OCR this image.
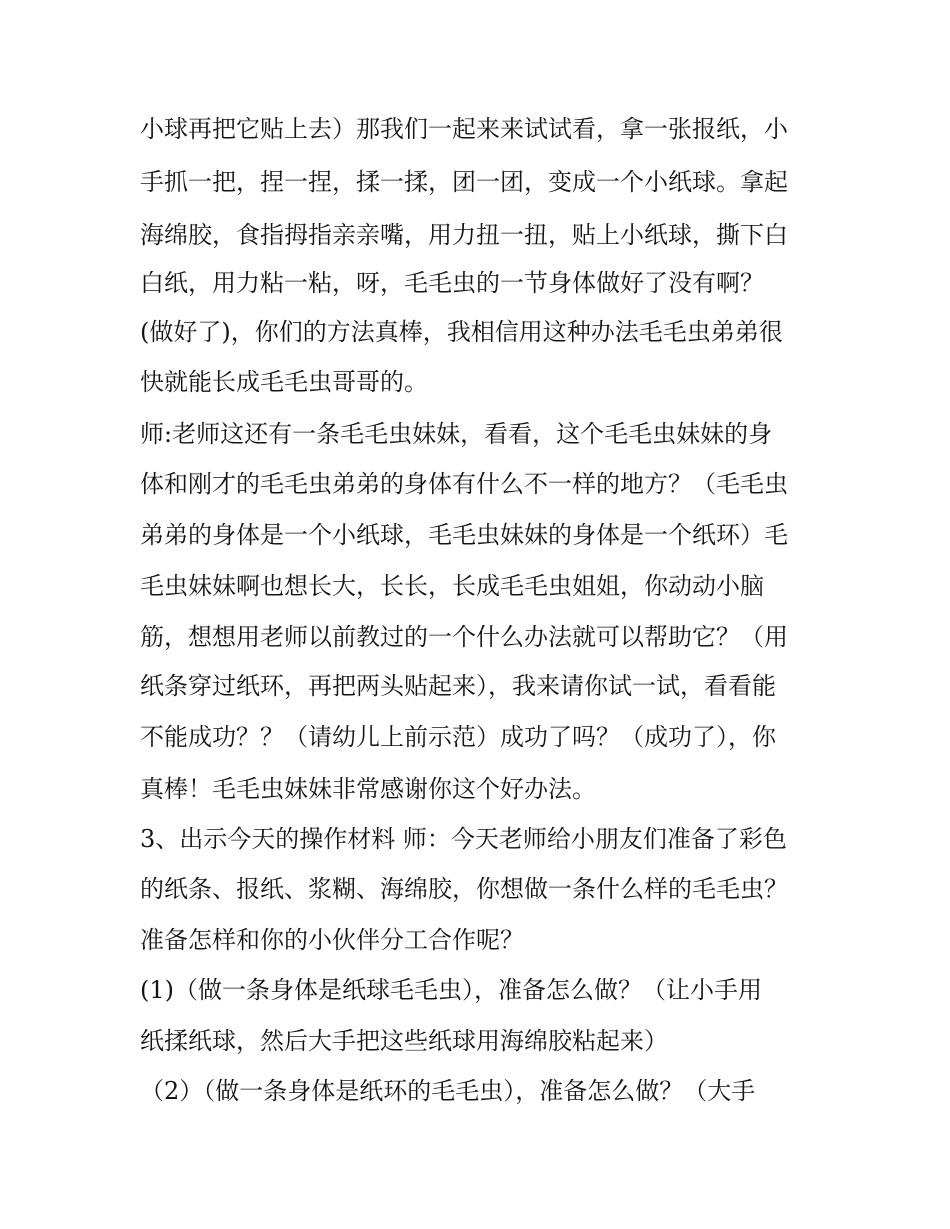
小球再把它贴上去）那我们一起来来试试看，拿一张报纸，小
手抓一把，捏一捏，揉一揉，团一团，变成一个小纸球。拿起
海绵胶，食指拇指亲亲嘴，用力扭一扭，贴上小纸球，撕下白
白纸，用力粘一粘，呀，毛毛虫的一节身体做好了没有啊？
(做好了)，你们的方法真棒，我相信用这种办法毛毛虫弟弟很
快就能长成毛毛虫哥哥的。
师:老师这还有一条毛毛虫妹妹，看看，这个毛毛虫妹妹的身
体和刚才的毛毛虫弟弟的身体有什么不一样的地方？（毛毛虫
弟弟的身体是一个小纸球，毛毛虫妹妹的身体是一个纸环）毛
毛虫妹妹啊也想长大，长长，长成毛毛虫姐姐，你动动小脑
筋，想想用老师以前教过的一个什么办法就可以帮助它？（用
纸条穿过纸环，再把两头贴起来），我来请你试一试，看看能
不能成功？？（请幼儿上前示范）成功了吗？（成功了），你
真棒！毛毛虫妹妹非常感谢你这个好办法。
3、出示今天的操作材料 师：今天老师给小朋友们准备了彩色
的纸条、报纸、浆糊、海绵胶，你想做一条什么样的毛毛虫？
准备怎样和你的小伙伴分工合作呢？
(1)（做一条身体是纸球毛毛虫），准备怎么做？（让小手用
纸揉纸球，然后大手把这些纸球用海绵胶粘起来）
（2）（做一条身体是纸环的毛毛虫），准备怎么做？（大手
